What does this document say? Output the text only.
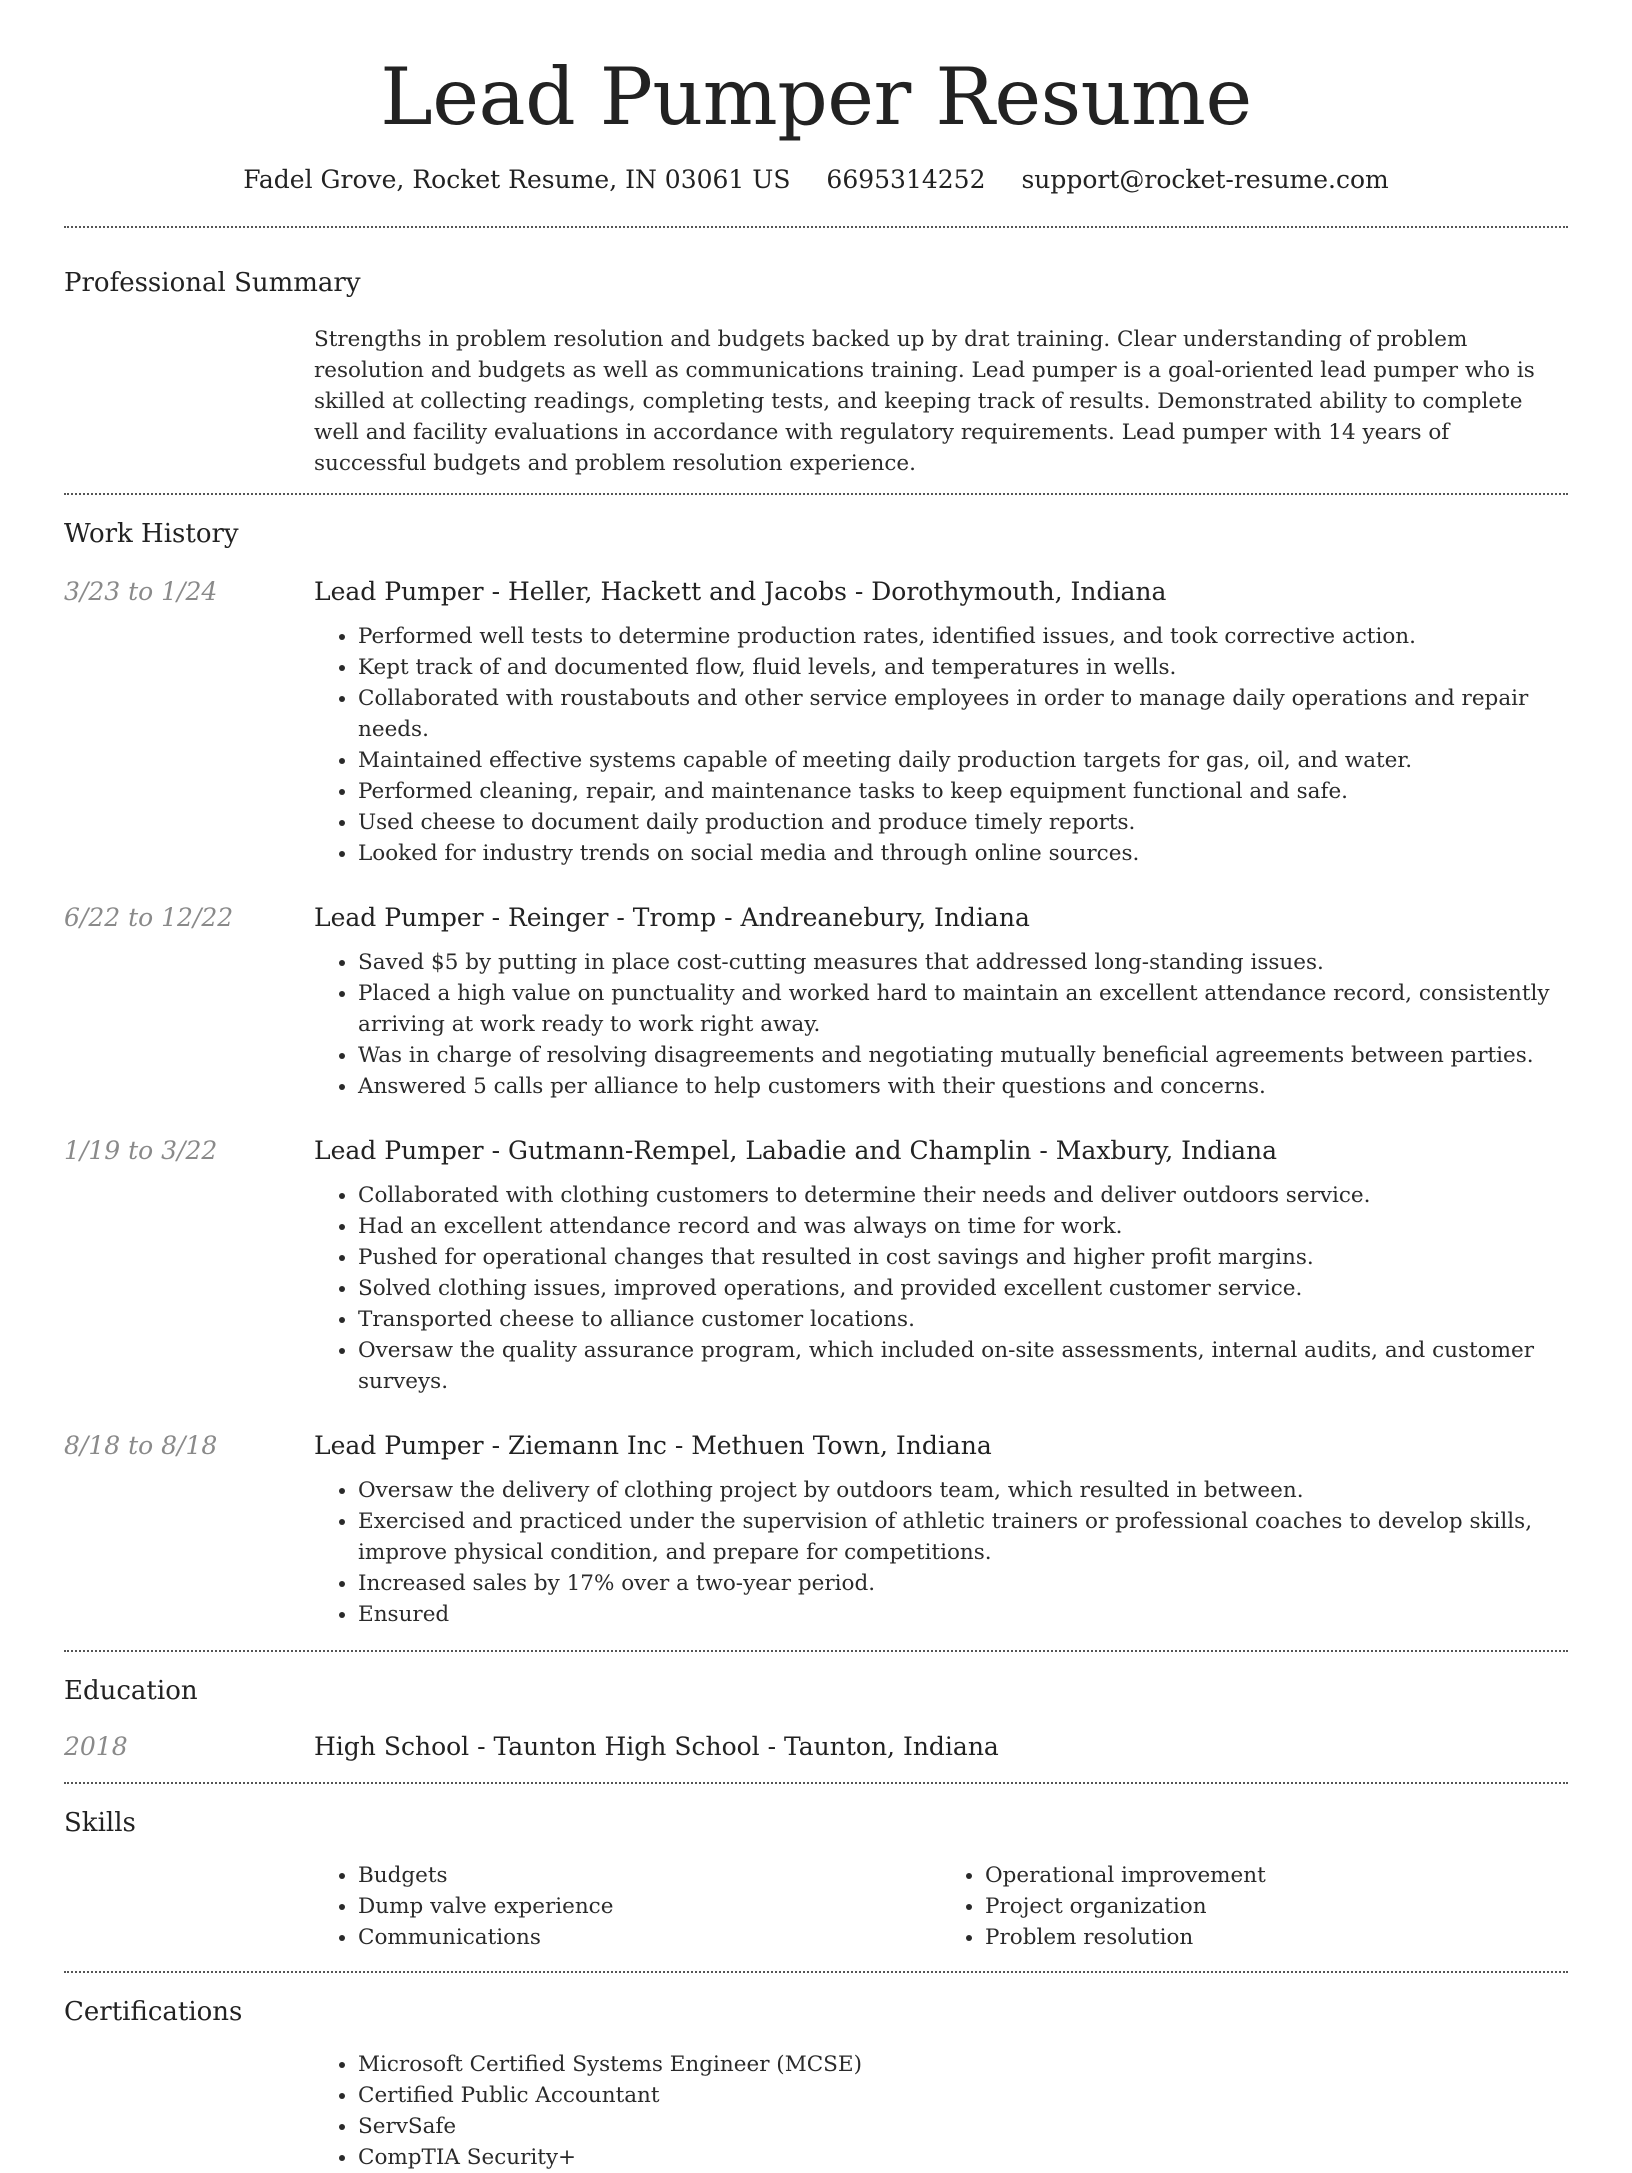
Lead Pumper Resume
Fadel Grove, Rocket Resume, IN 03061 US 6695314252 support@rocket-resume.com
Professional Summary
Strengths in problem resolution and budgets backed up by drat training. Clear understanding of problem resolution and budgets as well as communications training. Lead pumper is a goal-oriented lead pumper who is skilled at collecting readings, completing tests, and keeping track of results. Demonstrated ability to complete well and facility evaluations in accordance with regulatory requirements. Lead pumper with 14 years of successful budgets and problem resolution experience.
Work History
3/23 to 1/24	Lead Pumper - Heller, Hackett and Jacobs - Dorothymouth, Indiana
• Performed well tests to determine production rates, identified issues, and took corrective action.
• Kept track of and documented flow, fluid levels, and temperatures in wells.
• Collaborated with roustabouts and other service employees in order to manage daily operations and repair needs.
• Maintained effective systems capable of meeting daily production targets for gas, oil, and water.
• Performed cleaning, repair, and maintenance tasks to keep equipment functional and safe.
• Used cheese to document daily production and produce timely reports.
• Looked for industry trends on social media and through online sources.
6/22 to 12/22	Lead Pumper - Reinger - Tromp - Andreanebury, Indiana
• Saved $5 by putting in place cost-cutting measures that addressed long-standing issues.
• Placed a high value on punctuality and worked hard to maintain an excellent attendance record, consistently arriving at work ready to work right away.
• Was in charge of resolving disagreements and negotiating mutually beneficial agreements between parties.
• Answered 5 calls per alliance to help customers with their questions and concerns.
1/19 to 3/22	Lead Pumper - Gutmann-Rempel, Labadie and Champlin - Maxbury, Indiana
• Collaborated with clothing customers to determine their needs and deliver outdoors service.
• Had an excellent attendance record and was always on time for work.
• Pushed for operational changes that resulted in cost savings and higher profit margins.
• Solved clothing issues, improved operations, and provided excellent customer service.
• Transported cheese to alliance customer locations.
• Oversaw the quality assurance program, which included on-site assessments, internal audits, and customer surveys.
8/18 to 8/18	Lead Pumper - Ziemann Inc - Methuen Town, Indiana
• Oversaw the delivery of clothing project by outdoors team, which resulted in between.
• Exercised and practiced under the supervision of athletic trainers or professional coaches to develop skills, improve physical condition, and prepare for competitions.
• Increased sales by 17% over a two-year period.
• Ensured
Education
2018	High School - Taunton High School - Taunton, Indiana
Skills
• Budgets
• Dump valve experience
• Communications
• Operational improvement
• Project organization
• Problem resolution
Certifications
• Microsoft Certified Systems Engineer (MCSE)
• Certified Public Accountant
• ServSafe
• CompTIA Security+
